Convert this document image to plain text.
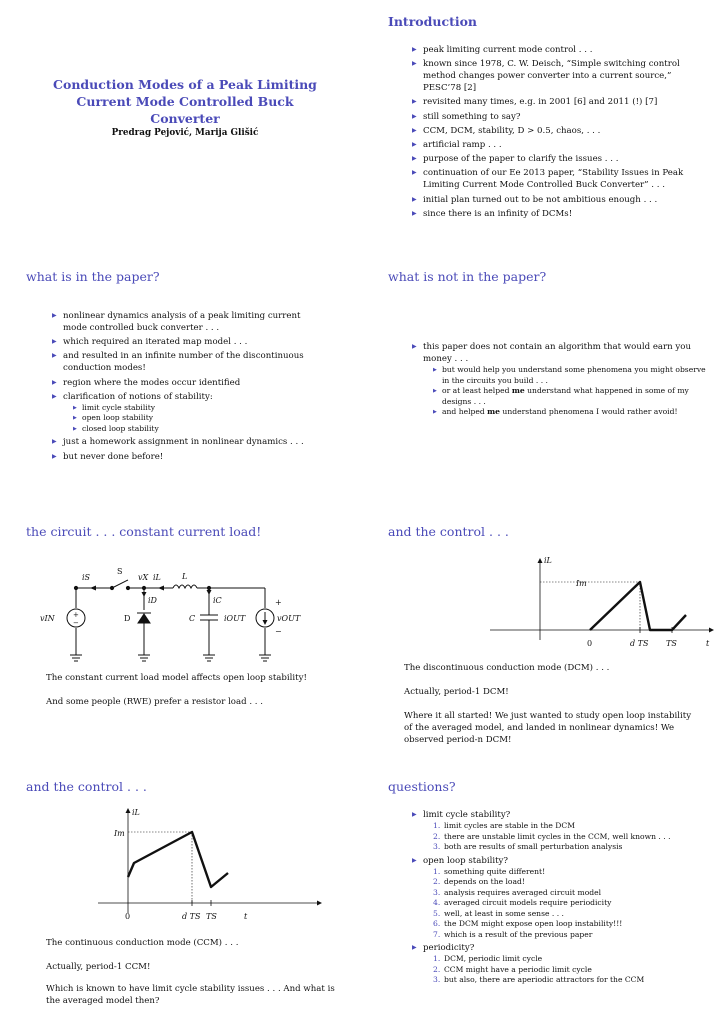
Conduction Modes of a Peak Limiting Current Mode Controlled Buck Converter
Predrag Pejović, Marija Glišić
Introduction
▶ peak limiting current mode control . . .
▶ known since 1978, C. W. Deisch, “Simple switching control method changes power converter into a current source,” PESC’78 [2]
▶ revisited many times, e.g. in 2001 [6] and 2011 (!) [7]
▶ still something to say?
▶ CCM, DCM, stability, D > 0.5, chaos, . . .
▶ artificial ramp . . .
▶ purpose of the paper to clarify the issues . . .
▶ continuation of our Ee 2013 paper, “Stability Issues in Peak Limiting Current Mode Controlled Buck Converter” . . .
▶ initial plan turned out to be not ambitious enough . . .
▶ since there is an infinity of DCMs!
what is in the paper?
▶ nonlinear dynamics analysis of a peak limiting current mode controlled buck converter . . .
▶ which required an iterated map model . . .
▶ and resulted in an infinite number of the discontinuous conduction modes!
▶ region where the modes occur identified
▶ clarification of notions of stability:
▶ limit cycle stability
▶ open loop stability
▶ closed loop stability
▶ just a homework assignment in nonlinear dynamics . . .
▶ but never done before!
what is not in the paper?
▶ this paper does not contain an algorithm that would earn you money . . .
▶ but would help you understand some phenomena you might observe in the circuits you build . . .
▶ or at least helped me understand what happened in some of my designs . . .
▶ and helped me understand phenomena I would rather avoid!
the circuit . . . constant current load!
iS
S
vX iL	L
iD	iC
vIN	+
−	D	C	iOUT	vOUT
+
−
The constant current load model affects open loop stability!
And some people (RWE) prefer a resistor load . . .
and the control . . .
iL
Im
0	d TS TS	t
The discontinuous conduction mode (DCM) . . .
Actually, period-1 DCM!
Where it all started! We just wanted to study open loop instability of the averaged model, and landed in nonlinear dynamics! We observed period-n DCM!
and the control . . .
iL
Im
0	d TS TS	t
The continuous conduction mode (CCM) . . .
Actually, period-1 CCM!
Which is known to have limit cycle stability issues . . . And what is the averaged model then?
questions?
▶ limit cycle stability?
1. limit cycles are stable in the DCM
2. there are unstable limit cycles in the CCM, well known . . .
3. both are results of small perturbation analysis
▶ open loop stability?
1. something quite different!
2. depends on the load!
3. analysis requires averaged circuit model
4. averaged circuit models require periodicity
5. well, at least in some sense . . .
6. the DCM might expose open loop instability!!!
7. which is a result of the previous paper
▶ periodicity?
1. DCM, periodic limit cycle
2. CCM might have a periodic limit cycle
3. but also, there are aperiodic attractors for the CCM
